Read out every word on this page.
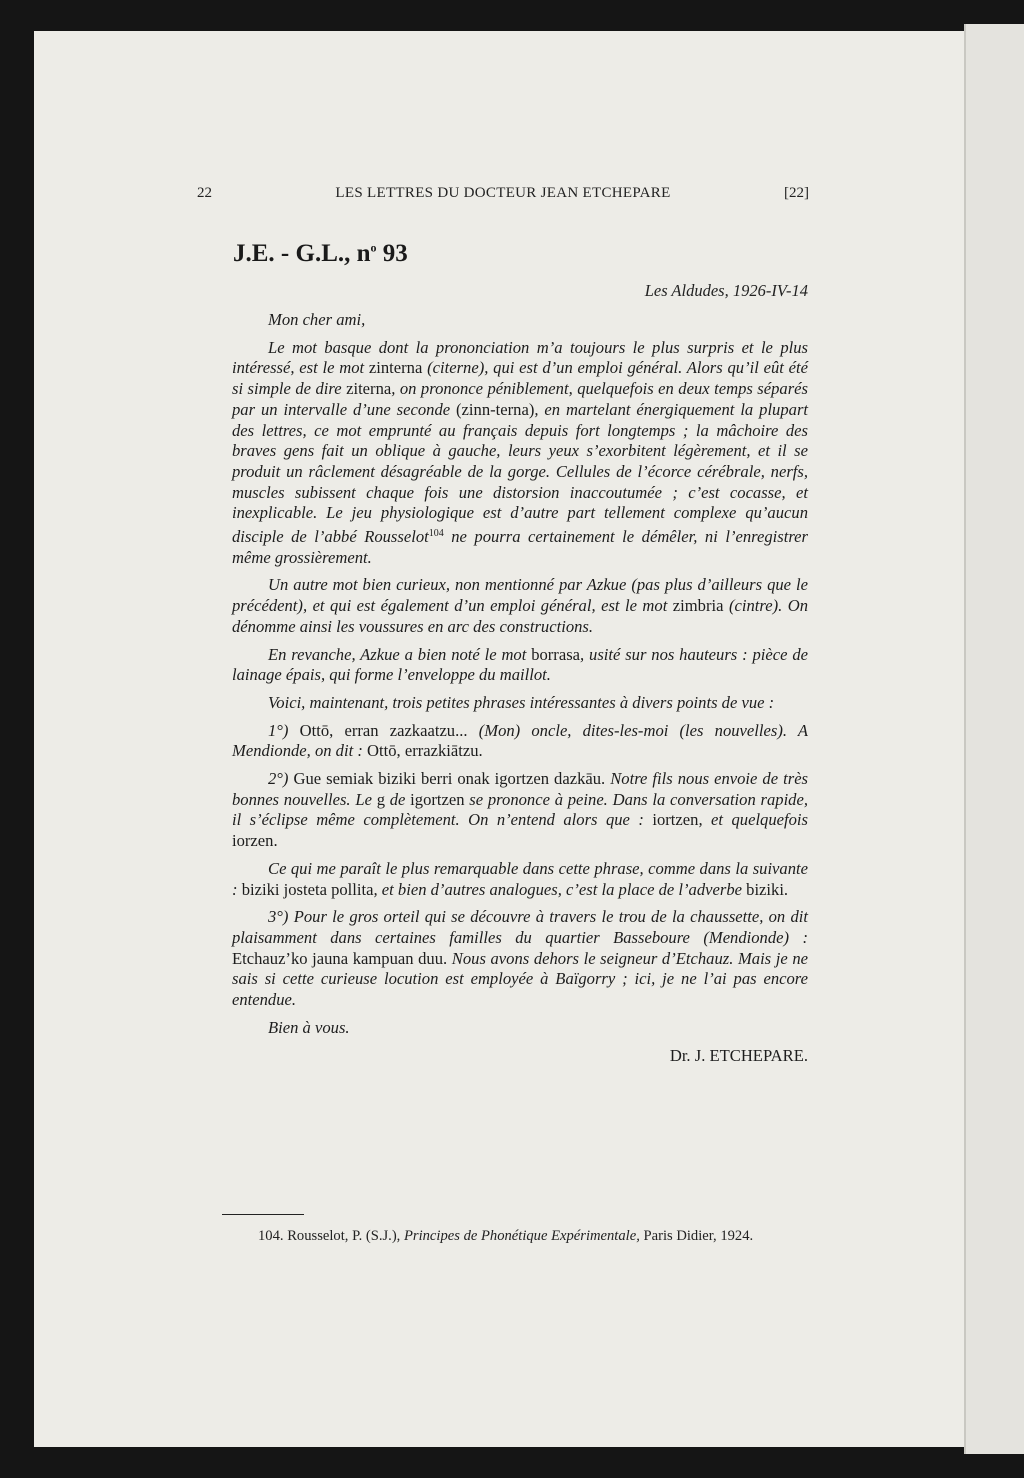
22	LES LETTRES DU DOCTEUR JEAN ETCHEPARE	[22]
J.E. - G.L., $n^o$ 93
Les Aldudes, 1926-IV-14

Mon cher ami,

Le mot basque dont la prononciation m’a toujours le plus surpris et le plus intéressé, est le mot zinterna (citerne), qui est d’un emploi général. Alors qu’il eût été si simple de dire ziterna, on prononce péniblement, quelquefois en deux temps séparés par un intervalle d’une seconde (zinn-terna), en martelant énergiquement la plupart des lettres, ce mot emprunté au français depuis fort longtemps ; la mâchoire des braves gens fait un oblique à gauche, leurs yeux s’exorbitent légèrement, et il se produit un râclement désagréable de la gorge. Cellules de l’écorce cérébrale, nerfs, muscles subissent chaque fois une distorsion inaccoutumée ; c’est cocasse, et inexplicable. Le jeu physiologique est d’autre part tellement complexe qu’aucun disciple de l’abbé Rousselot$^{104}$ ne pourra certainement le démêler, ni l’enregistrer même grossièrement.

Un autre mot bien curieux, non mentionné par Azkue (pas plus d’ailleurs que le précédent), et qui est également d’un emploi général, est le mot zimbria (cintre). On dénomme ainsi les voussures en arc des constructions.

En revanche, Azkue a bien noté le mot borrasa, usité sur nos hauteurs : pièce de lainage épais, qui forme l’enveloppe du maillot.

Voici, maintenant, trois petites phrases intéressantes à divers points de vue :

1°) Ottō, erran zazkaatzu... (Mon) oncle, dites-les-moi (les nouvelles). A Mendionde, on dit : Ottō, errazkiātzu.

2°) Gue semiak biziki berri onak igortzen dazkāu. Notre fils nous envoie de très bonnes nouvelles. Le g de igortzen se prononce à peine. Dans la conversation rapide, il s’éclipse même complètement. On n’entend alors que : iortzen, et quelquefois iorzen.

Ce qui me paraît le plus remarquable dans cette phrase, comme dans la suivante : biziki josteta pollita, et bien d’autres analogues, c’est la place de l’adverbe biziki.

3°) Pour le gros orteil qui se découvre à travers le trou de la chaussette, on dit plaisamment dans certaines familles du quartier Basseboure (Mendionde) : Etchauz’ko jauna kampuan duu. Nous avons dehors le seigneur d’Etchauz. Mais je ne sais si cette curieuse locution est employée à Baïgorry ; ici, je ne l’ai pas encore entendue.

Bien à vous.

Dr. J. ETCHEPARE.
104. Rousselot, P. (S.J.), Principes de Phonétique Expérimentale, Paris Didier, 1924.
